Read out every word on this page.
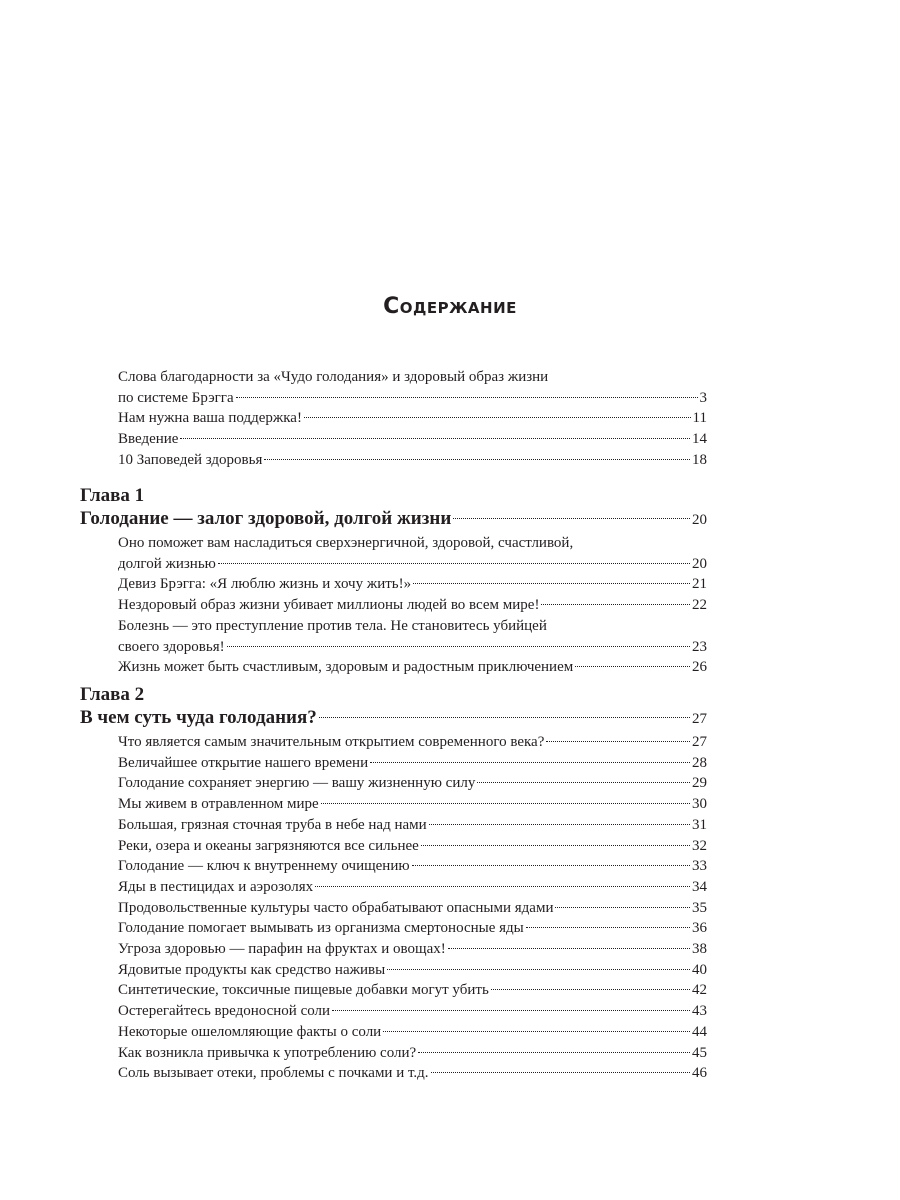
Содержание
Слова благодарности за «Чудо голодания» и здоровый образ жизни
по системе Брэгга	3
Нам нужна ваша поддержка!	11
Введение	14
10 Заповедей здоровья	18
Глава 1
Голодание — залог здоровой, долгой жизни	20
Оно поможет вам насладиться сверхэнергичной, здоровой, счастливой,
долгой жизнью	20
Девиз Брэгга: «Я люблю жизнь и хочу жить!»	21
Нездоровый образ жизни убивает миллионы людей во всем мире!	22
Болезнь — это преступление против тела. Не становитесь убийцей
своего здоровья!	23
Жизнь может быть счастливым, здоровым и радостным приключением	26
Глава 2
В чем суть чуда голодания?	27
Что является самым значительным открытием современного века?	27
Величайшее открытие нашего времени	28
Голодание сохраняет энергию — вашу жизненную силу	29
Мы живем в отравленном мире	30
Большая, грязная сточная труба в небе над нами	31
Реки, озера и океаны загрязняются все сильнее	32
Голодание — ключ к внутреннему очищению	33
Яды в пестицидах и аэрозолях	34
Продовольственные культуры часто обрабатывают опасными ядами	35
Голодание помогает вымывать из организма смертоносные яды	36
Угроза здоровью — парафин на фруктах и овощах!	38
Ядовитые продукты как средство наживы	40
Синтетические, токсичные пищевые добавки могут убить	42
Остерегайтесь вредоносной соли	43
Некоторые ошеломляющие факты о соли	44
Как возникла привычка к употреблению соли?	45
Соль вызывает отеки, проблемы с почками и т.д.	46
